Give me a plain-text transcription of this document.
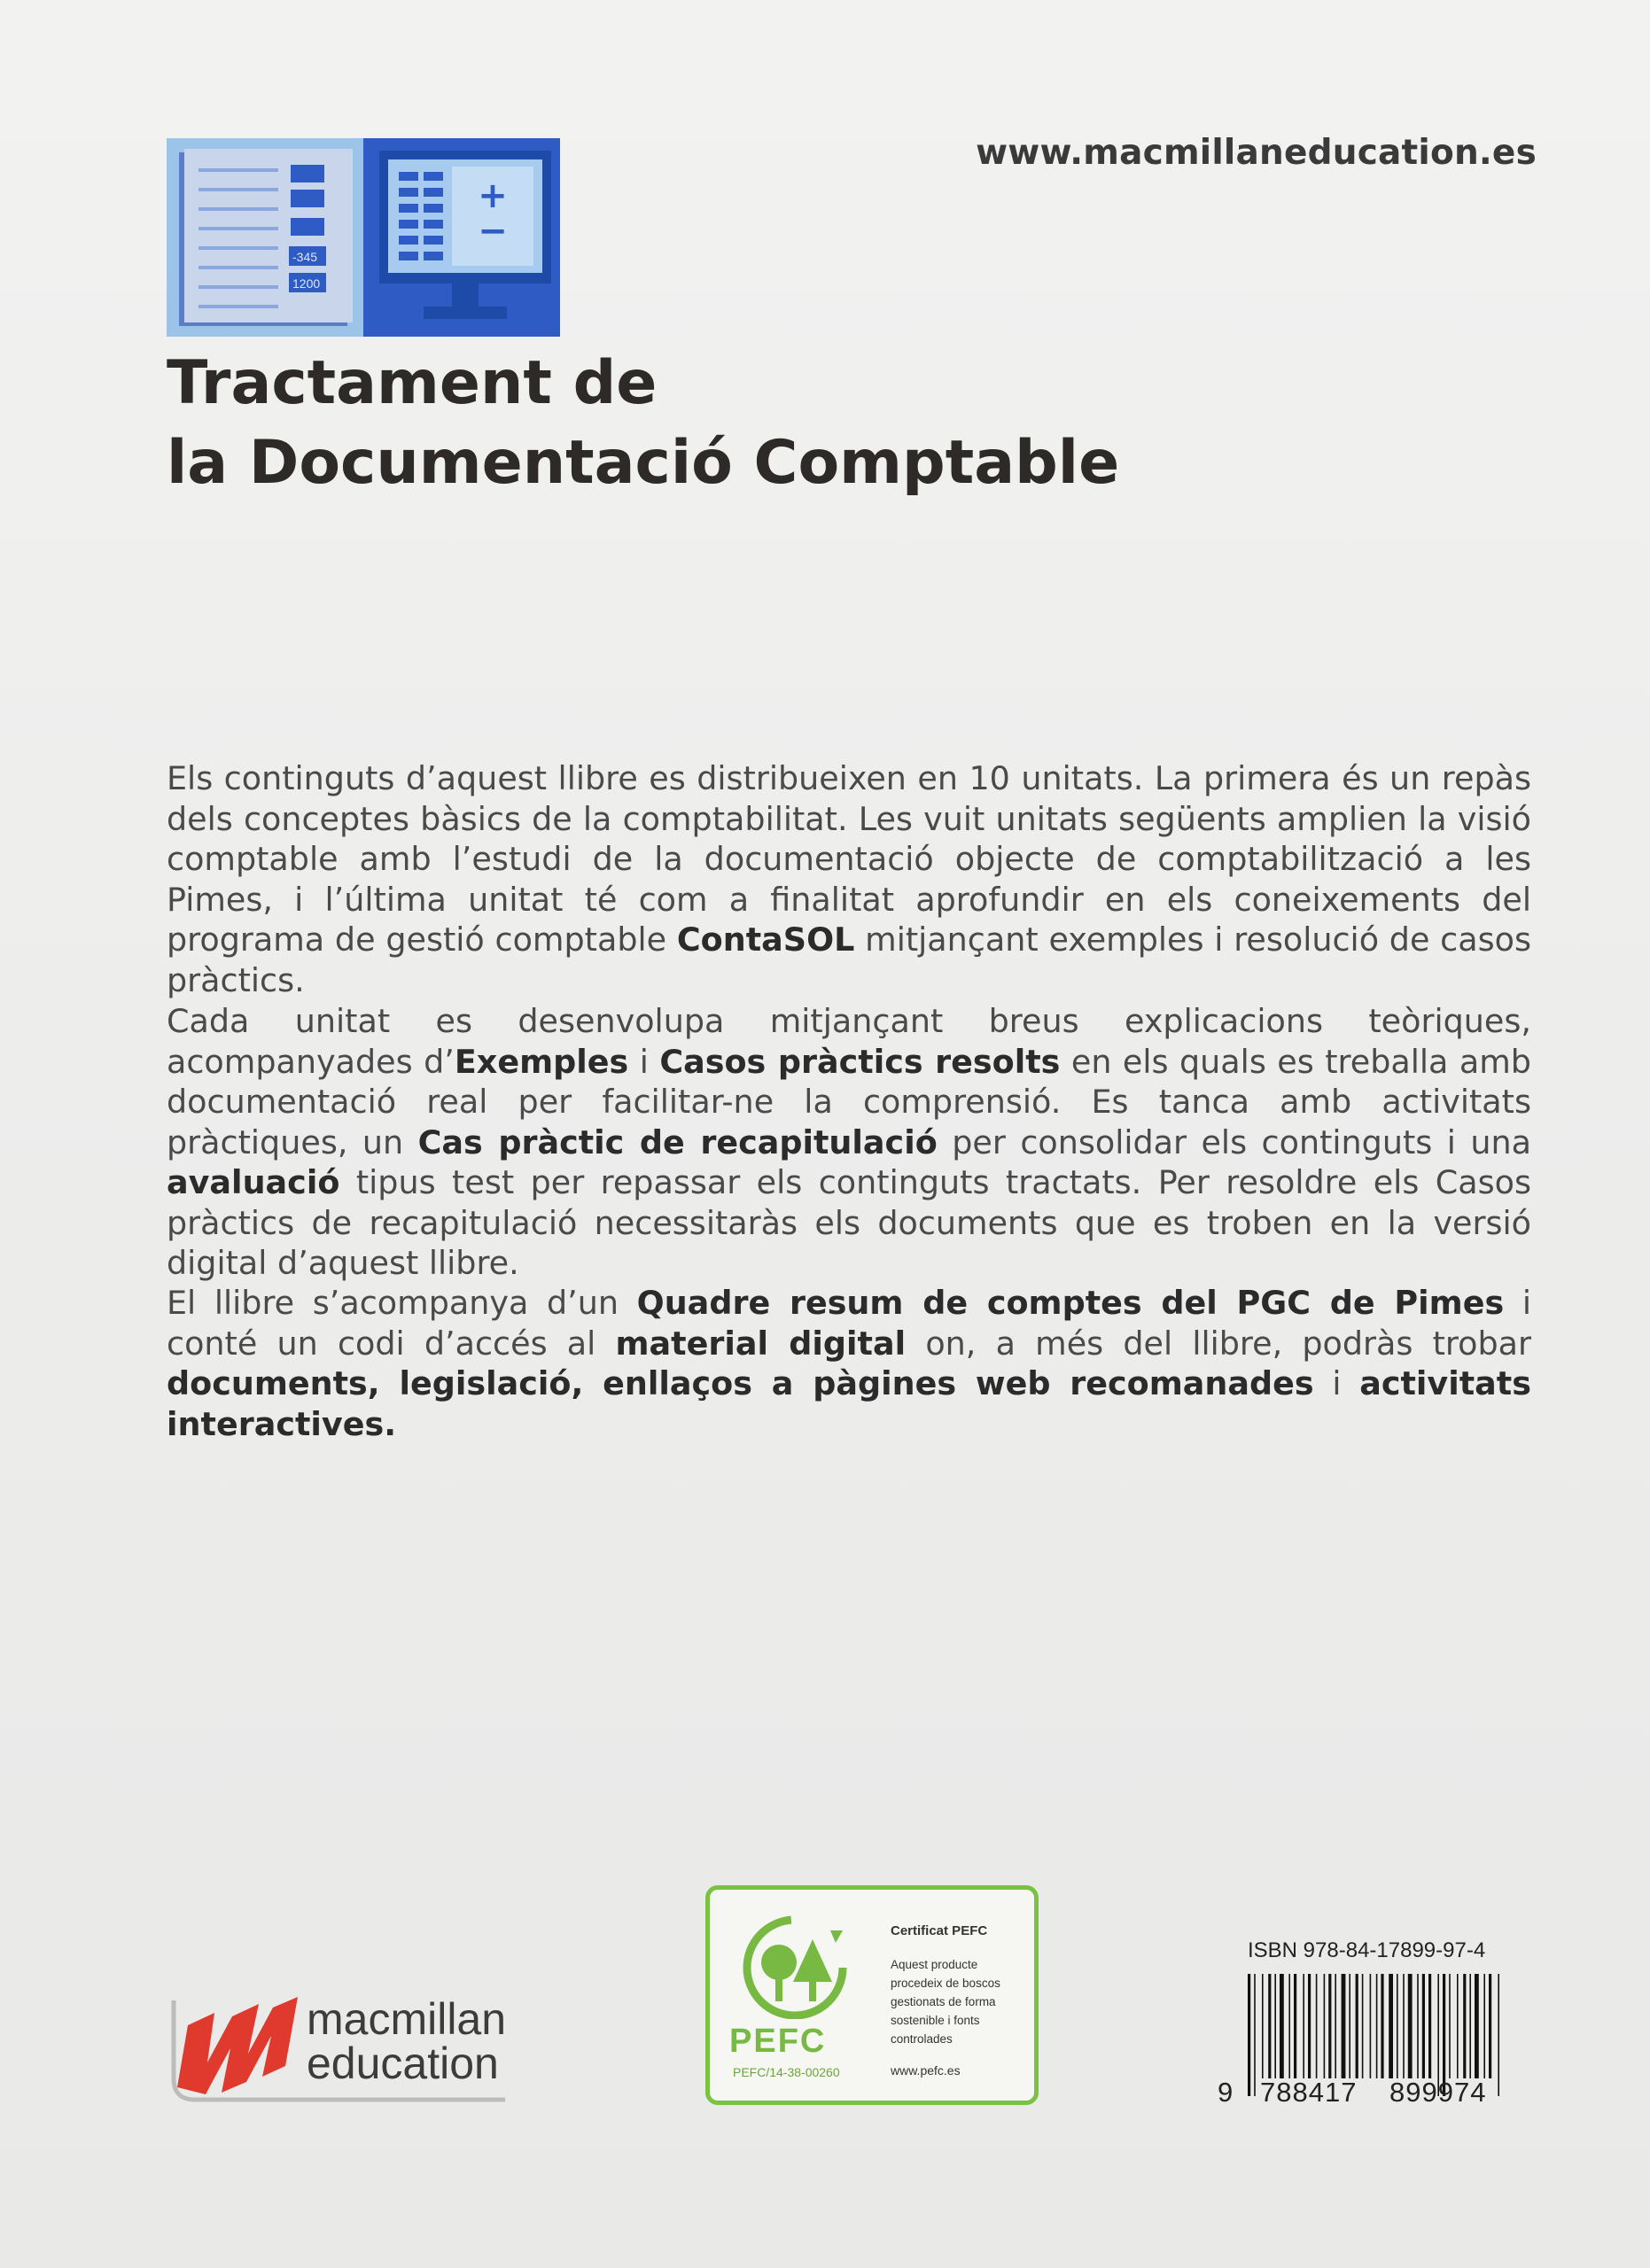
-345
1200
+
−
www.macmillaneducation.es
Tractament de
la Documentació Comptable

Els continguts d’aquest llibre es distribueixen en 10 unitats. La primera és un repàs dels conceptes bàsics de la comptabilitat. Les vuit unitats següents amplien la visió comptable amb l’estudi de la documentació objecte de comptabilització a les Pimes, i l’última unitat té com a finalitat aprofundir en els coneixements del programa de gestió comptable ContaSOL mitjançant exemples i resolució de casos pràctics.

Cada unitat es desenvolupa mitjançant breus explicacions teòriques, acompanyades d’Exemples i Casos pràctics resolts en els quals es treballa amb documentació real per facilitar-ne la comprensió. Es tanca amb activitats pràctiques, un Cas pràctic de recapitulació per consolidar els continguts i una avaluació tipus test per repassar els continguts tractats. Per resoldre els Casos pràctics de recapitulació necessitaràs els documents que es troben en la versió digital d’aquest llibre.

El llibre s’acompanya d’un Quadre resum de comptes del PGC de Pimes i conté un codi d’accés al material digital on, a més del llibre, podràs trobar documents, legislació, enllaços a pàgines web recomanades i activitats interactives.

macmillan
education	PEFC
PEFC/14-38-00260
Certificat PEFC
Aquest producte
procedeix de boscos
gestionats de forma
sostenible i fonts
controlades
www.pefc.es
ISBN 978-84-17899-97-4
9 788417 899974
